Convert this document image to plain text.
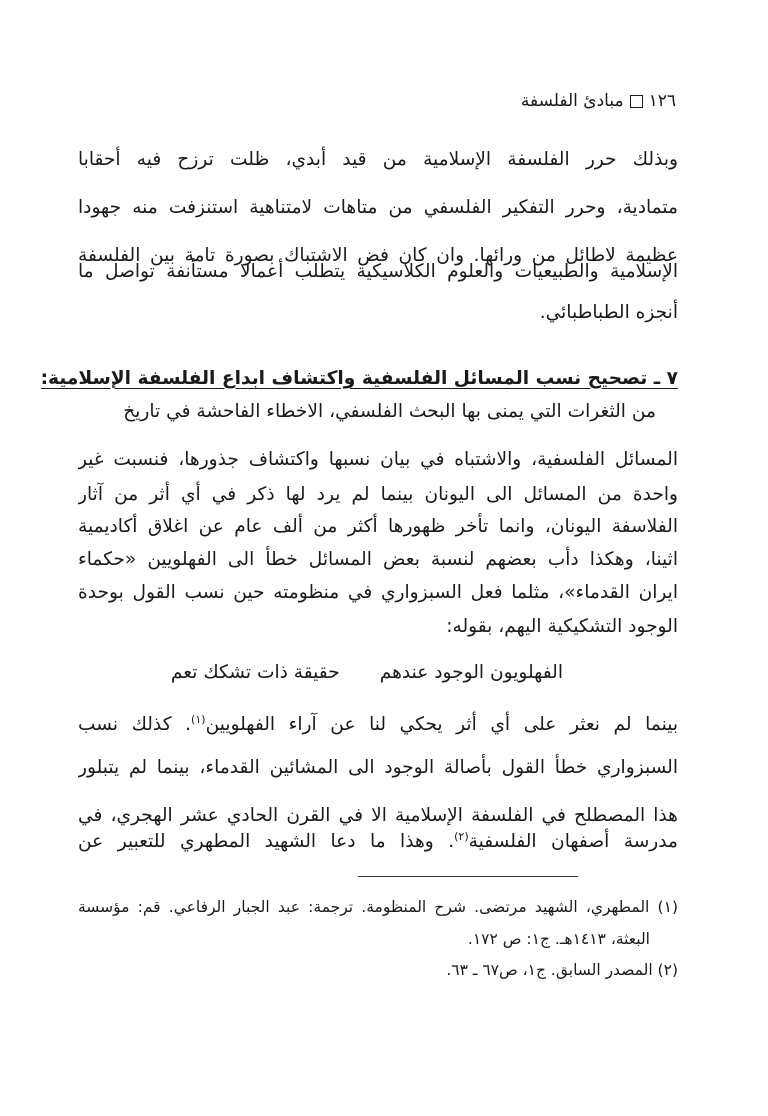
١٢٦مبادئ الفلسفة
وبذلك حرر الفلسفة الإسلامية من قيد أبدي، ظلت ترزح فيه أحقابا
متمادية، وحرر التفكير الفلسفي من متاهات لامتناهية استنزفت منه جهودا
عظيمة لاطائل من ورائها. وان كان فض الاشتباك بصورة تامة بين الفلسفة
الإسلامية والطبيعيات والعلوم الكلاسيكية يتطلب أعمالا مستأنفة تواصل ما
أنجزه الطباطبائي.
٧ ـ تصحيح نسب المسائل الفلسفية واكتشاف ابداع الفلسفة الإسلامية:
من الثغرات التي يمنى بها البحث الفلسفي، الاخطاء الفاحشة في تاريخ
المسائل الفلسفية، والاشتباه في بيان نسبها واكتشاف جذورها، فنسبت غير
واحدة من المسائل الى اليونان بينما لم يرد لها ذكر في أي أثر من آثار
الفلاسفة اليونان، وانما تأخر ظهورها أكثر من ألف عام عن اغلاق أكاديمية
اثينا، وهكذا دأب بعضهم لنسبة بعض المسائل خطأ الى الفهلويين «حكماء
ايران القدماء»، مثلما فعل السبزواري في منظومته حين نسب القول بوحدة
الوجود التشكيكية اليهم، بقوله:
الفهلويون الوجود عندهمحقيقة ذات تشكك تعم
بينما لم نعثر على أي أثر يحكي لنا عن آراء الفهلويين$^{(١)}$. كذلك نسب
السبزواري خطأ القول بأصالة الوجود الى المشائين القدماء، بينما لم يتبلور
هذا المصطلح في الفلسفة الإسلامية الا في القرن الحادي عشر الهجري، في
مدرسة أصفهان الفلسفية$^{(٢)}$. وهذا ما دعا الشهيد المطهري للتعبير عن
(١) المطهري، الشهيد مرتضى. شرح المنظومة. ترجمة: عبد الجبار الرفاعي. قم: مؤسسة
البعثة، ١٤١٣هـ. ج١: ص ١٧٢.
(٢) المصدر السابق. ج١، ص٦٧ ـ ٦٣.
